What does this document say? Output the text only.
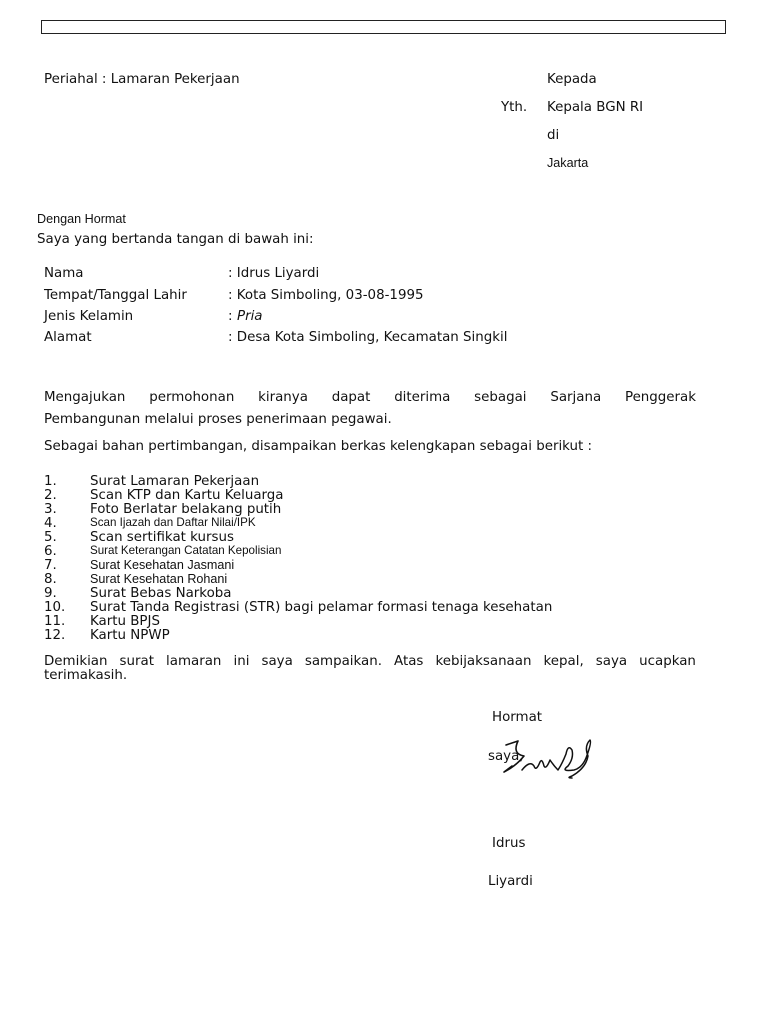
Periahal : Lamaran Pekerjaan	Kepada
Yth. Kepala BGN RI
di
Jakarta
Dengan Hormat
Saya yang bertanda tangan di bawah ini:
Nama	: Idrus Liyardi
Tempat/Tanggal Lahir	: Kota Simboling, 03-08-1995
Jenis Kelamin	: Pria
Alamat	: Desa Kota Simboling, Kecamatan Singkil
Mengajukan permohonan kiranya dapat diterima sebagai Sarjana Penggerak
Pembangunan melalui proses penerimaan pegawai.
Sebagai bahan pertimbangan, disampaikan berkas kelengkapan sebagai berikut :
1. Surat Lamaran Pekerjaan
2. Scan KTP dan Kartu Keluarga
3. Foto Berlatar belakang putih
4.	Scan Ijazah dan Daftar Nilai/IPK
5. Scan sertifikat kursus
6.	Surat Keterangan Catatan Kepolisian
7.	Surat Kesehatan Jasmani
8.	Surat Kesehatan Rohani
9. Surat Bebas Narkoba
10. Surat Tanda Registrasi (STR) bagi pelamar formasi tenaga kesehatan
11. Kartu BPJS
12. Kartu NPWP
Demikian surat lamaran ini saya sampaikan. Atas kebijaksanaan kepal, saya ucapkan
terimakasih.
Hormat
saya,
Idrus
Liyardi
